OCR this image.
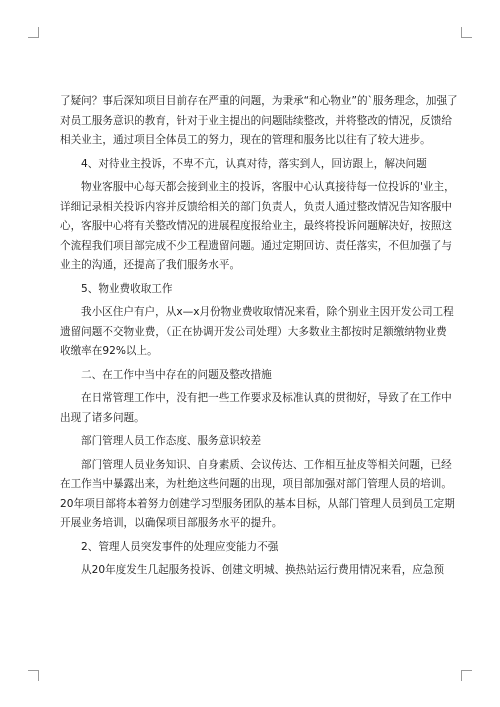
了疑问？事后深知项目目前存在严重的问题，为秉承“和心物业”的`服务理念，加强了
对员工服务意识的教育，针对于业主提出的问题陆续整改，并将整改的情况，反馈给
相关业主，通过项目全体员工的努力，现在的管理和服务比以往有了较大进步。
4、对待业主投诉，不卑不亢，认真对待，落实到人，回访跟上，解决问题
物业客服中心每天都会接到业主的投诉，客服中心认真接待每一位投诉的'业主，
详细记录相关投诉内容并反馈给相关的部门负责人，负责人通过整改情况告知客服中
心，客服中心将有关整改情况的进展程度报给业主，最终将投诉问题解决好，按照这
个流程我们项目部完成不少工程遗留问题。通过定期回访、责任落实，不但加强了与
业主的沟通，还提高了我们服务水平。
5、物业费收取工作
我小区住户有户，从x—x月份物业费收取情况来看，除个别业主因开发公司工程
遗留问题不交物业费，（正在协调开发公司处理）大多数业主都按时足额缴纳物业费
收缴率在92%以上。
二、在工作中当中存在的问题及整改措施
在日常管理工作中，没有把一些工作要求及标准认真的贯彻好，导致了在工作中
出现了诸多问题。
部门管理人员工作态度、服务意识较差
部门管理人员业务知识、自身素质、会议传达、工作相互扯皮等相关问题，已经
在工作当中暴露出来，为杜绝这些问题的出现，项目部加强对部门管理人员的培训。
20年项目部将本着努力创建学习型服务团队的基本目标，从部门管理人员到员工定期
开展业务培训，以确保项目部服务水平的提升。
2、管理人员突发事件的处理应变能力不强
从20年度发生几起服务投诉、创建文明城、换热站运行费用情况来看，应急预
